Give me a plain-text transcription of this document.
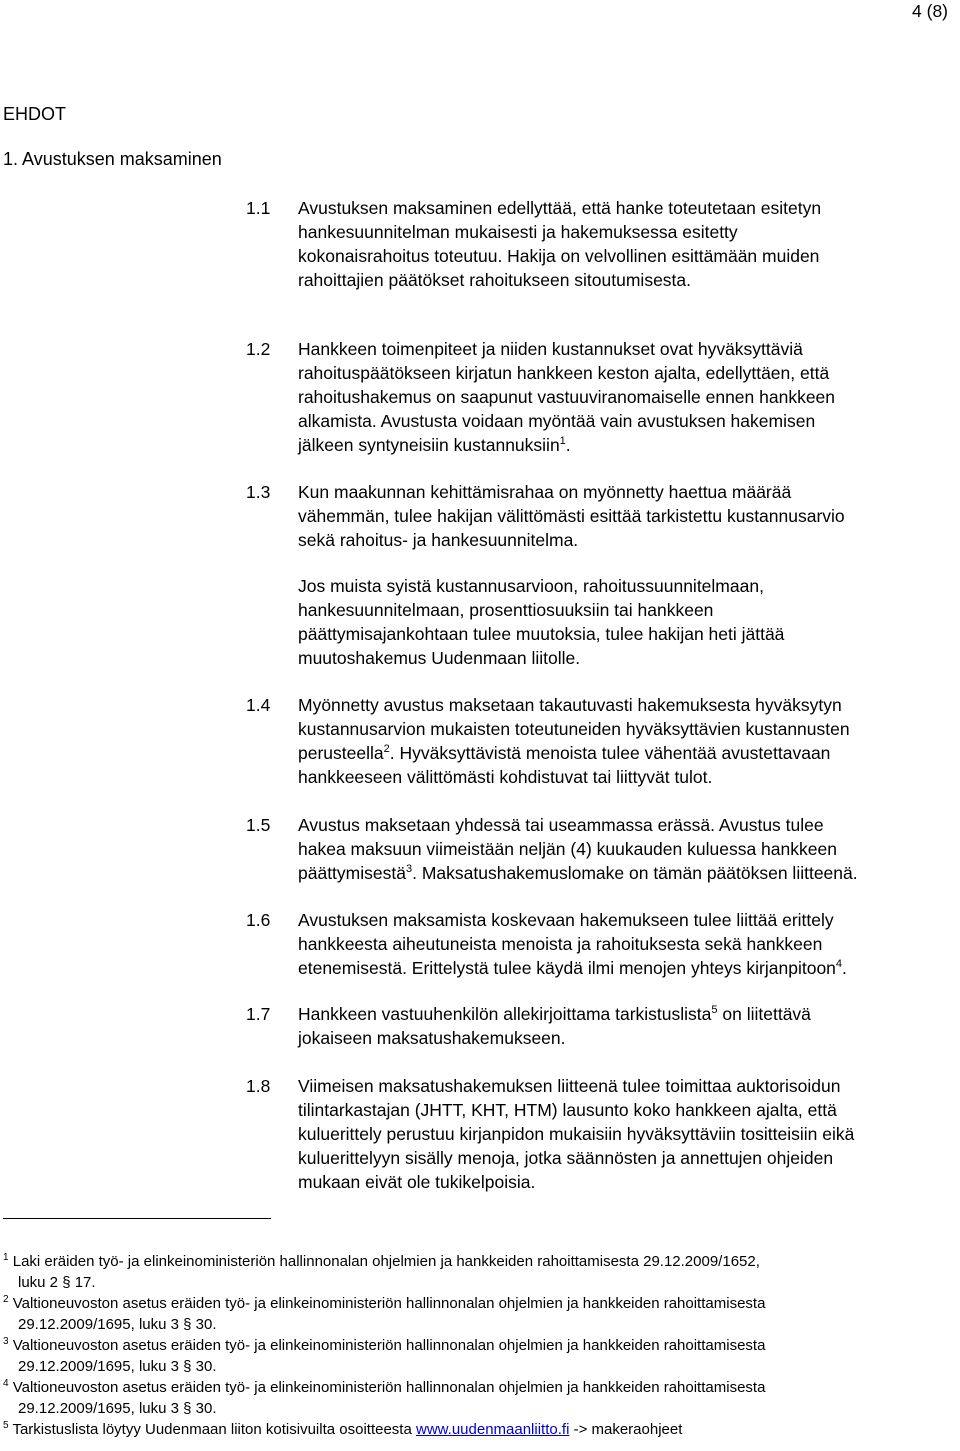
4 (8)
EHDOT
1. Avustuksen maksaminen
1.1 Avustuksen maksaminen edellyttää, että hanke toteutetaan esitetyn

hankesuunnitelman mukaisesti ja hakemuksessa esitetty

kokonaisrahoitus toteutuu. Hakija on velvollinen esittämään muiden

rahoittajien päätökset rahoitukseen sitoutumisesta.

1.2 Hankkeen toimenpiteet ja niiden kustannukset ovat hyväksyttäviä

rahoituspäätökseen kirjatun hankkeen keston ajalta, edellyttäen, että

rahoitushakemus on saapunut vastuuviranomaiselle ennen hankkeen

alkamista. Avustusta voidaan myöntää vain avustuksen hakemisen

jälkeen syntyneisiin kustannuksiin$^1$.

1.3 Kun maakunnan kehittämisrahaa on myönnetty haettua määrää

vähemmän, tulee hakijan välittömästi esittää tarkistettu kustannusarvio

sekä rahoitus- ja hankesuunnitelma.

Jos muista syistä kustannusarvioon, rahoitussuunnitelmaan,

hankesuunnitelmaan, prosenttiosuuksiin tai hankkeen

päättymisajankohtaan tulee muutoksia, tulee hakijan heti jättää

muutoshakemus Uudenmaan liitolle.

1.4 Myönnetty avustus maksetaan takautuvasti hakemuksesta hyväksytyn

kustannusarvion mukaisten toteutuneiden hyväksyttävien kustannusten

perusteella$^2$. Hyväksyttävistä menoista tulee vähentää avustettavaan

hankkeeseen välittömästi kohdistuvat tai liittyvät tulot.

1.5 Avustus maksetaan yhdessä tai useammassa erässä. Avustus tulee

hakea maksuun viimeistään neljän (4) kuukauden kuluessa hankkeen

päättymisestä$^3$. Maksatushakemuslomake on tämän päätöksen liitteenä.

1.6 Avustuksen maksamista koskevaan hakemukseen tulee liittää erittely

hankkeesta aiheutuneista menoista ja rahoituksesta sekä hankkeen

etenemisestä. Erittelystä tulee käydä ilmi menojen yhteys kirjanpitoon$^4$.

1.7 Hankkeen vastuuhenkilön allekirjoittama tarkistuslista$^5$ on liitettävä

jokaiseen maksatushakemukseen.

1.8 Viimeisen maksatushakemuksen liitteenä tulee toimittaa auktorisoidun

tilintarkastajan (JHTT, KHT, HTM) lausunto koko hankkeen ajalta, että

kuluerittely perustuu kirjanpidon mukaisiin hyväksyttäviin tositteisiin eikä

kuluerittelyyn sisälly menoja, jotka säännösten ja annettujen ohjeiden

mukaan eivät ole tukikelpoisia.

$^1$ Laki eräiden työ- ja elinkeinoministeriön hallinnonalan ohjelmien ja hankkeiden rahoittamisesta 29.12.2009/1652,

luku 2 § 17.

$^2$ Valtioneuvoston asetus eräiden työ- ja elinkeinoministeriön hallinnonalan ohjelmien ja hankkeiden rahoittamisesta

29.12.2009/1695, luku 3 § 30.

$^3$ Valtioneuvoston asetus eräiden työ- ja elinkeinoministeriön hallinnonalan ohjelmien ja hankkeiden rahoittamisesta

29.12.2009/1695, luku 3 § 30.

$^4$ Valtioneuvoston asetus eräiden työ- ja elinkeinoministeriön hallinnonalan ohjelmien ja hankkeiden rahoittamisesta

29.12.2009/1695, luku 3 § 30.

$^5$ Tarkistuslista löytyy Uudenmaan liiton kotisivuilta osoitteesta www.uudenmaanliitto.fi -> makeraohjeet
